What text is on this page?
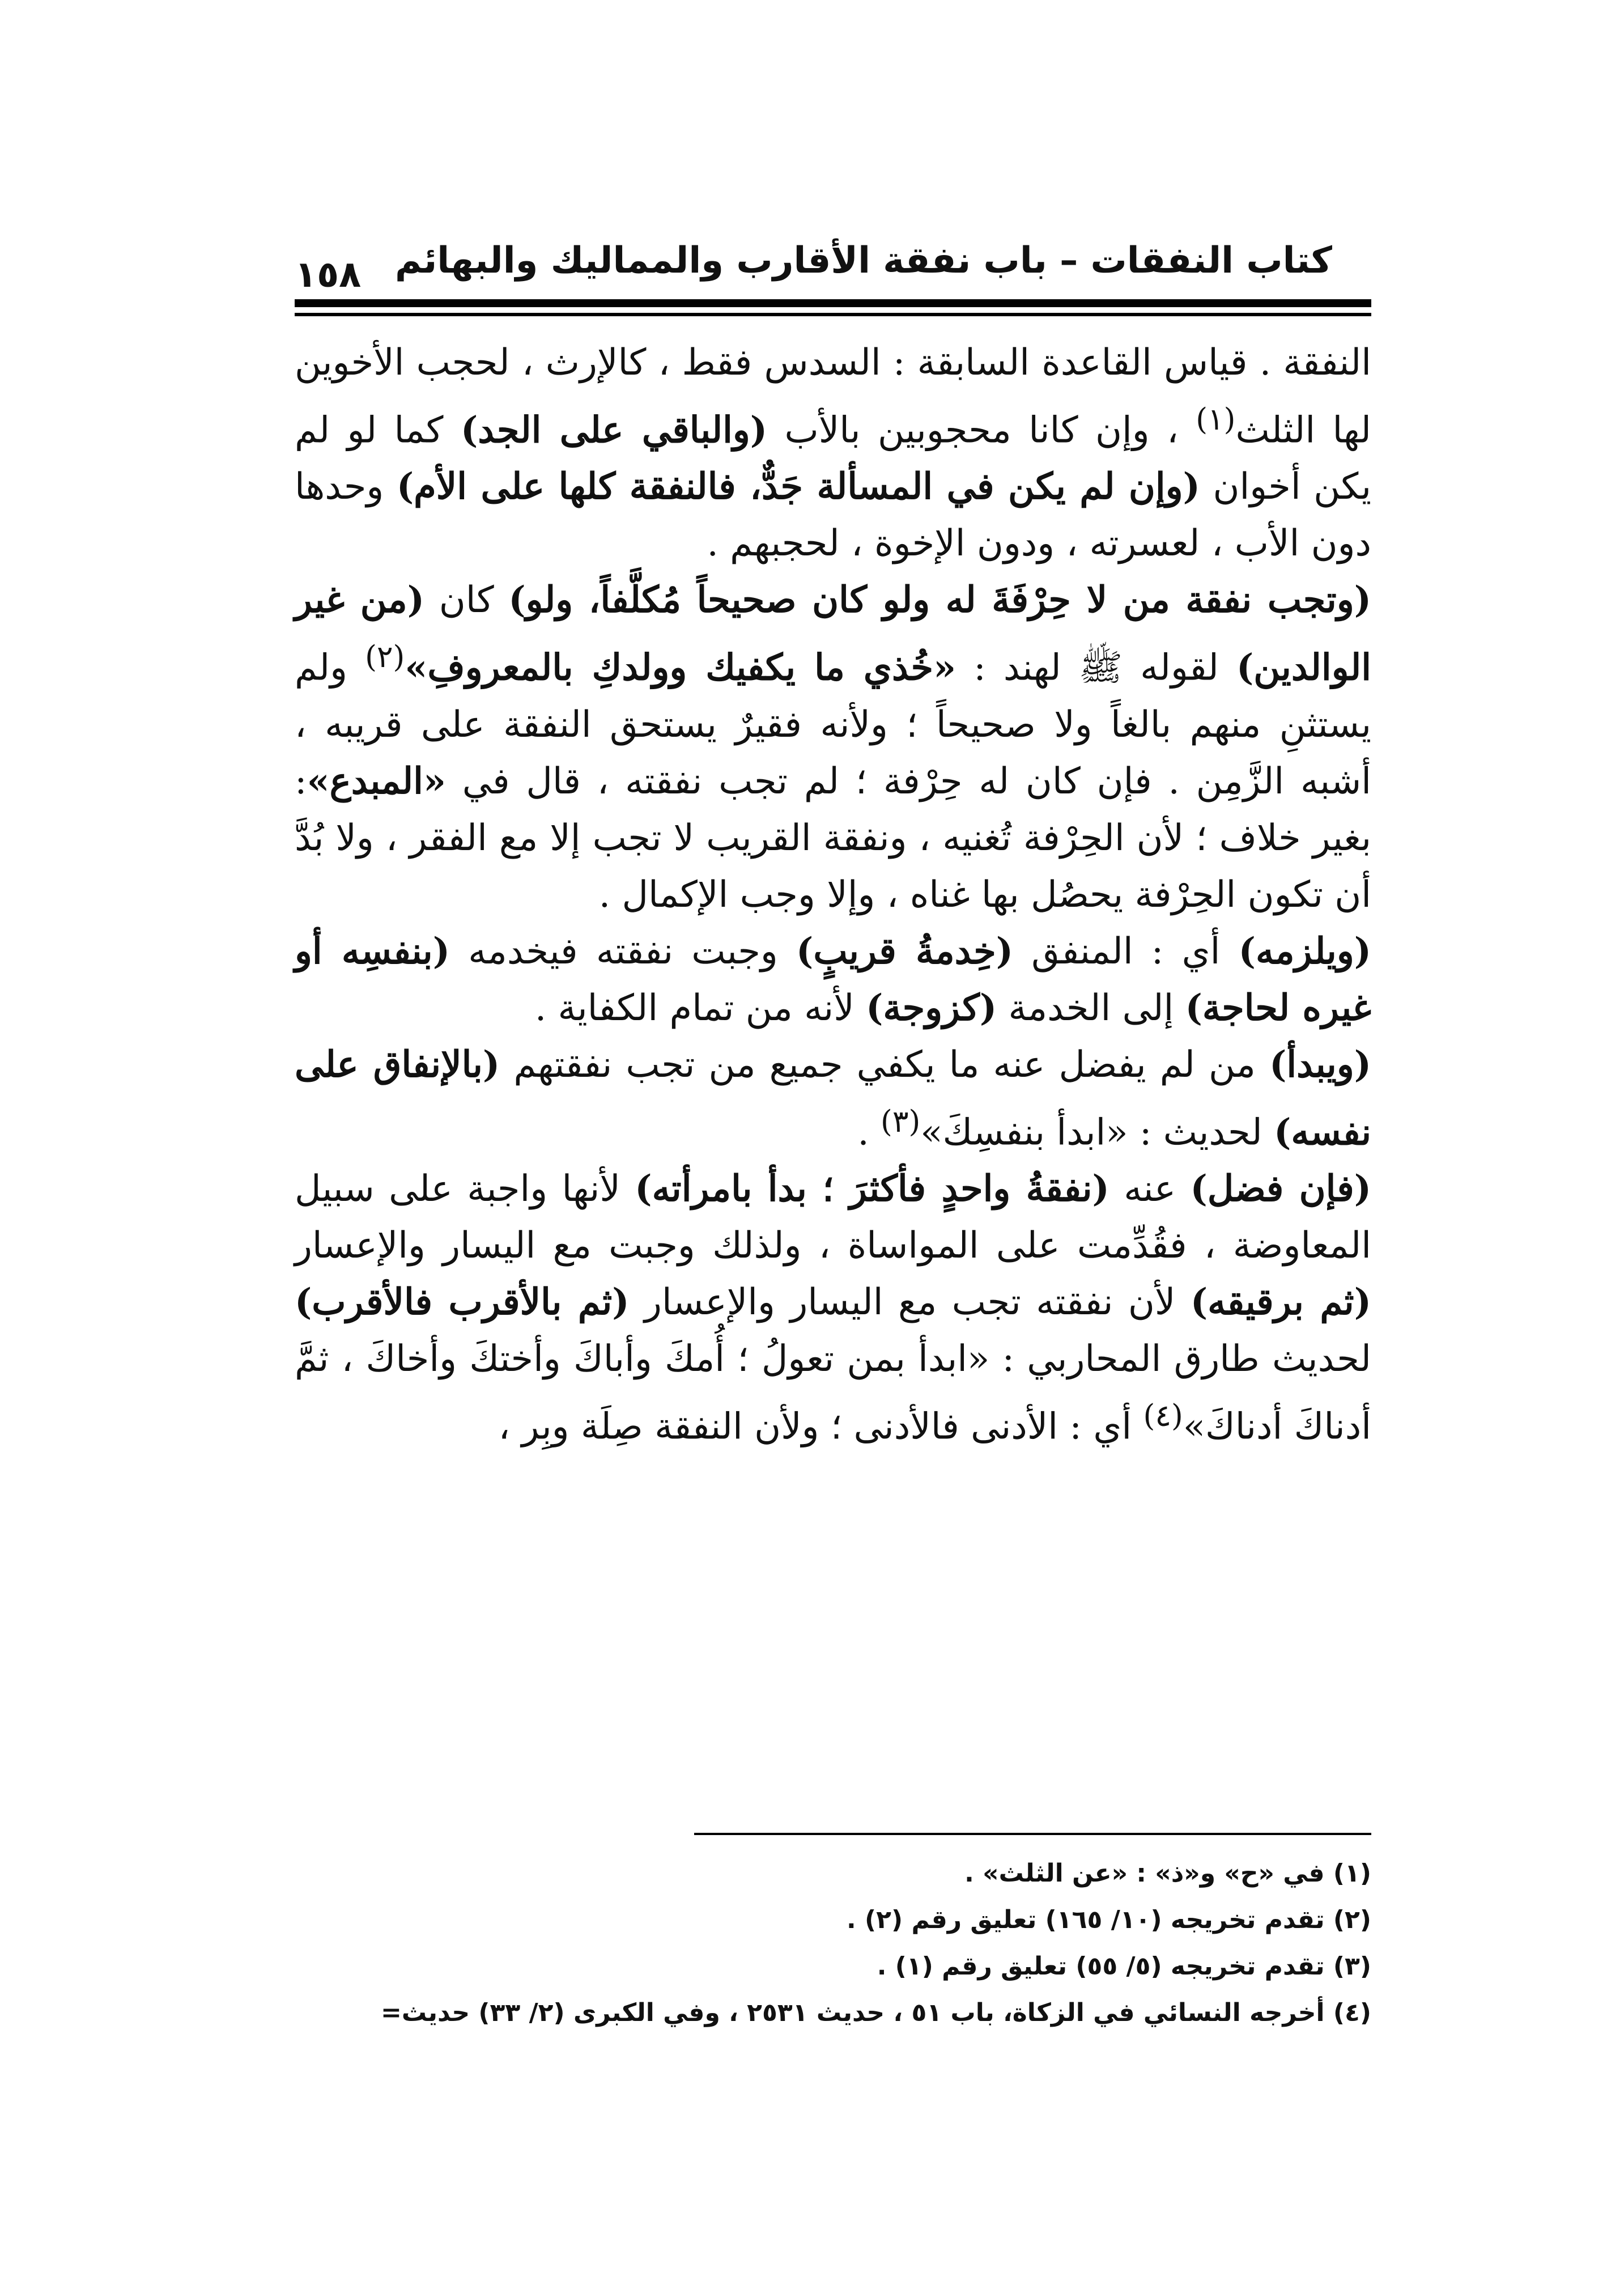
١٥٨ كتاب النفقات – باب نفقة الأقارب والمماليك والبهائم

النفقة . قياس القاعدة السابقة : السدس فقط ، كالإرث ، لحجب الأخوين لها الثلث$^{(١)}$ ، وإن كانا محجوبين بالأب (والباقي على الجد) كما لو لم يكن أخوان (وإن لم يكن في المسألة جَدٌّ، فالنفقة كلها على الأم) وحدها دون الأب ، لعسرته ، ودون الإخوة ، لحجبهم .

(وتجب نفقة من لا حِرْفَةَ له ولو كان صحيحاً مُكلَّفاً، ولو) كان (من غير الوالدين) لقوله ﷺ لهند : «خُذي ما يكفيك وولدكِ بالمعروفِ»$^{(٢)}$ ولم يستثنِ منهم بالغاً ولا صحيحاً ؛ ولأنه فقيرٌ يستحق النفقة على قريبه ، أشبه الزَّمِن . فإن كان له حِرْفة ؛ لم تجب نفقته ، قال في «المبدع»: بغير خلاف ؛ لأن الحِرْفة تُغنيه ، ونفقة القريب لا تجب إلا مع الفقر ، ولا بُدَّ أن تكون الحِرْفة يحصُل بها غناه ، وإلا وجب الإكمال .

(ويلزمه) أي : المنفق (خِدمةُ قريبٍ) وجبت نفقته فيخدمه (بنفسِه أو غيره لحاجة) إلى الخدمة (كزوجة) لأنه من تمام الكفاية .

(ويبدأ) من لم يفضل عنه ما يكفي جميع من تجب نفقتهم (بالإنفاق على نفسه) لحديث : «ابدأ بنفسِكَ»$^{(٣)}$ .

(فإن فضل) عنه (نفقةُ واحدٍ فأكثرَ ؛ بدأ بامرأته) لأنها واجبة على سبيل المعاوضة ، فقُدِّمت على المواساة ، ولذلك وجبت مع اليسار والإعسار (ثم برقيقه) لأن نفقته تجب مع اليسار والإعسار (ثم بالأقرب فالأقرب) لحديث طارق المحاربي : «ابدأ بمن تعولُ ؛ أُمكَ وأباكَ وأختكَ وأخاكَ ، ثمَّ أدناكَ أدناكَ»$^{(٤)}$ أي : الأدنى فالأدنى ؛ ولأن النفقة صِلَة وبِر ،

(١) في «ح» و«ذ» : «عن الثلث» .
(٢) تقدم تخريجه (١٠/ ١٦٥) تعليق رقم (٢) .
(٣) تقدم تخريجه (٥/ ٥٥) تعليق رقم (١) .
(٤) أخرجه النسائي في الزكاة، باب ٥١ ، حديث ٢٥٣١ ، وفي الكبرى (٢/ ٣٣) حديث=
